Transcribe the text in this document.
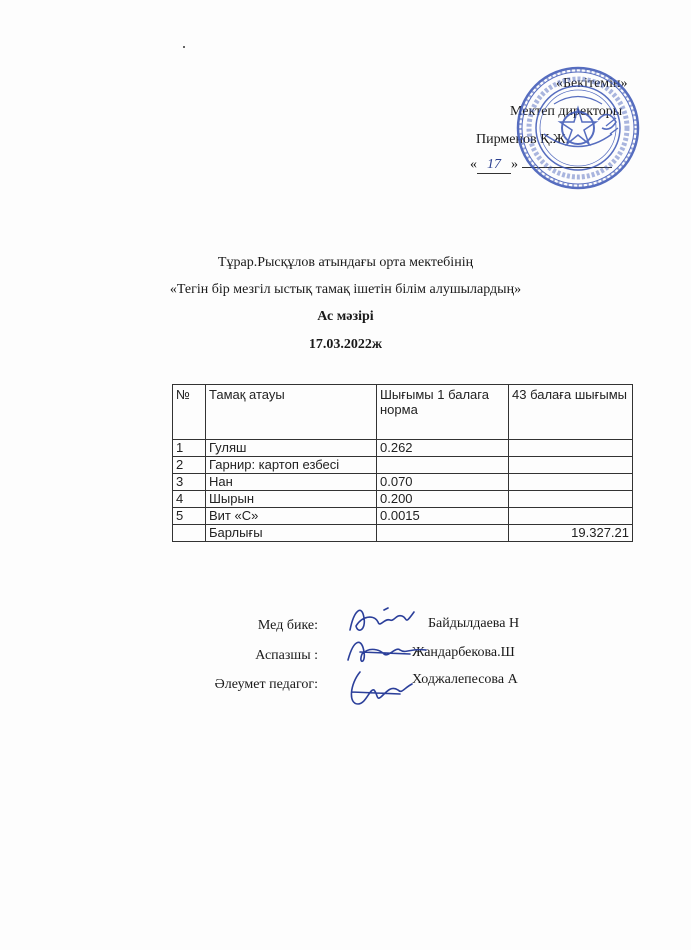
«Бекітемін»
Мектеп директоры
Пирменов Қ.Ж.
« 17 »
Тұрар.Рысқұлов атындағы орта мектебінің
«Тегін бір мезгіл ыстық тамақ ішетін білім алушылардың»
Ас мәзірі
17.03.2022ж
№	Тамақ атауы	Шығымы 1 балага норма	43 балаға шығымы
1	Гуляш	0.262	
2	Гарнир: картоп езбесі		
3	Нан	0.070	
4	Шырын	0.200	
5	Вит «С»	0.0015	
	Барлығы		19.327.21
Мед бике:
Аспазшы :
Әлеумет педагог:
Байдылдаева Н
Жандарбекова.Ш
Ходжалепесова А
